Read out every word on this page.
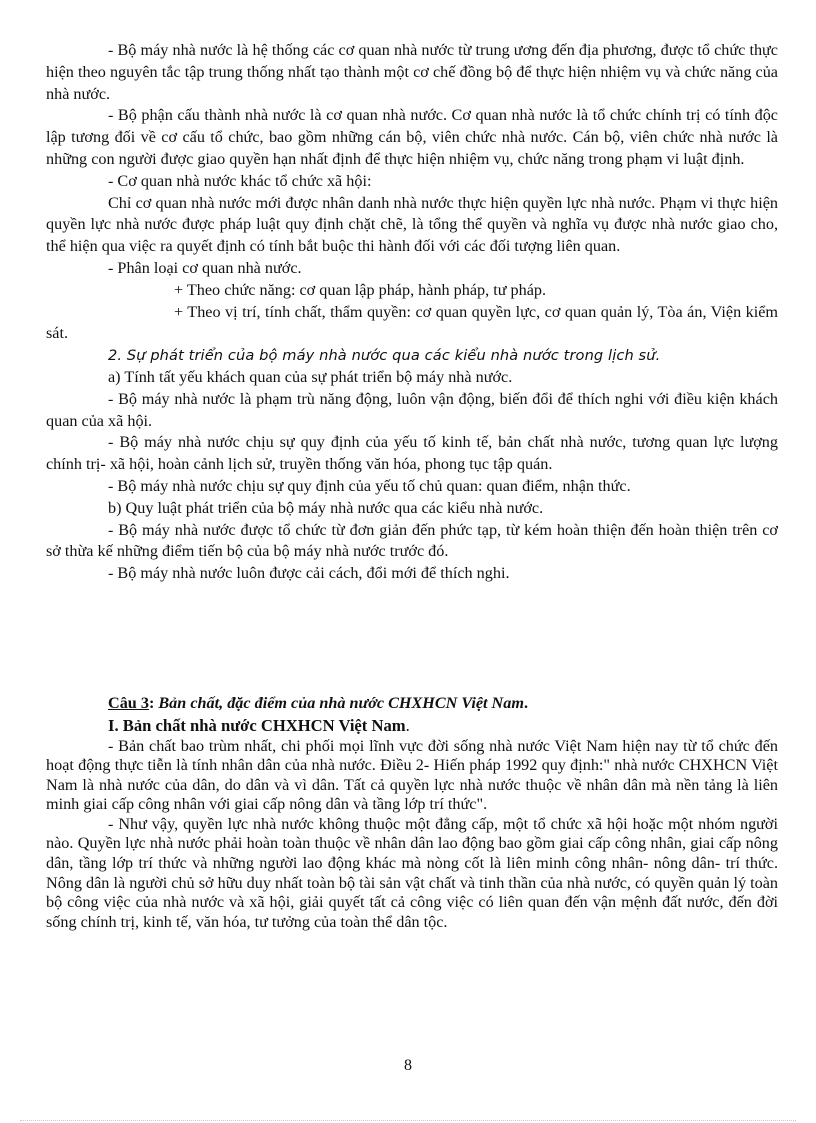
- Bộ máy nhà nước là hệ thống các cơ quan nhà nước từ trung ương đến địa phương, được tổ chức thực hiện theo nguyên tắc tập trung thống nhất tạo thành một cơ chế đồng bộ để thực hiện nhiệm vụ và chức năng của nhà nước.

- Bộ phận cấu thành nhà nước là cơ quan nhà nước. Cơ quan nhà nước là tổ chức chính trị có tính độc lập tương đối về cơ cấu tổ chức, bao gồm những cán bộ, viên chức nhà nước. Cán bộ, viên chức nhà nước là những con người được giao quyền hạn nhất định để thực hiện nhiệm vụ, chức năng trong phạm vi luật định.

- Cơ quan nhà nước khác tổ chức xã hội:

Chỉ cơ quan nhà nước mới được nhân danh nhà nước thực hiện quyền lực nhà nước. Phạm vi thực hiện quyền lực nhà nước được pháp luật quy định chặt chẽ, là tổng thể quyền và nghĩa vụ được nhà nước giao cho, thể hiện qua việc ra quyết định có tính bắt buộc thi hành đối với các đối tượng liên quan.

- Phân loại cơ quan nhà nước.

+ Theo chức năng: cơ quan lập pháp, hành pháp, tư pháp.

+ Theo vị trí, tính chất, thẩm quyền: cơ quan quyền lực, cơ quan quản lý, Tòa án, Viện kiểm sát.

2. Sự phát triển của bộ máy nhà nước qua các kiểu nhà nước trong lịch sử.

a) Tính tất yếu khách quan của sự phát triển bộ máy nhà nước.

- Bộ máy nhà nước là phạm trù năng động, luôn vận động, biến đổi để thích nghi với điều kiện khách quan của xã hội.

- Bộ máy nhà nước chịu sự quy định của yếu tố kinh tế, bản chất nhà nước, tương quan lực lượng chính trị- xã hội, hoàn cảnh lịch sử, truyền thống văn hóa, phong tục tập quán.

- Bộ máy nhà nước chịu sự quy định của yếu tố chủ quan: quan điểm, nhận thức.

b) Quy luật phát triển của bộ máy nhà nước qua các kiểu nhà nước.

- Bộ máy nhà nước được tổ chức từ đơn giản đến phức tạp, từ kém hoàn thiện đến hoàn thiện trên cơ sở thừa kế những điểm tiến bộ của bộ máy nhà nước trước đó.

- Bộ máy nhà nước luôn được cải cách, đổi mới để thích nghi.

Câu 3: Bản chất, đặc điểm của nhà nước CHXHCN Việt Nam.

I. Bản chất nhà nước CHXHCN Việt Nam.

- Bản chất bao trùm nhất, chi phối mọi lĩnh vực đời sống nhà nước Việt Nam hiện nay từ tổ chức đến hoạt động thực tiễn là tính nhân dân của nhà nước. Điều 2- Hiến pháp 1992 quy định:" nhà nước CHXHCN Việt Nam là nhà nước của dân, do dân và vì dân. Tất cả quyền lực nhà nước thuộc về nhân dân mà nền tảng là liên minh giai cấp công nhân với giai cấp nông dân và tầng lớp trí thức".

- Như vậy, quyền lực nhà nước không thuộc một đẳng cấp, một tổ chức xã hội hoặc một nhóm người nào. Quyền lực nhà nước phải hoàn toàn thuộc về nhân dân lao động bao gồm giai cấp công nhân, giai cấp nông dân, tầng lớp trí thức và những người lao động khác mà nòng cốt là liên minh công nhân- nông dân- trí thức. Nông dân là người chủ sở hữu duy nhất toàn bộ tài sản vật chất và tinh thần của nhà nước, có quyền quản lý toàn bộ công việc của nhà nước và xã hội, giải quyết tất cả công việc có liên quan đến vận mệnh đất nước, đến đời sống chính trị, kinh tế, văn hóa, tư tưởng của toàn thể dân tộc.

8
